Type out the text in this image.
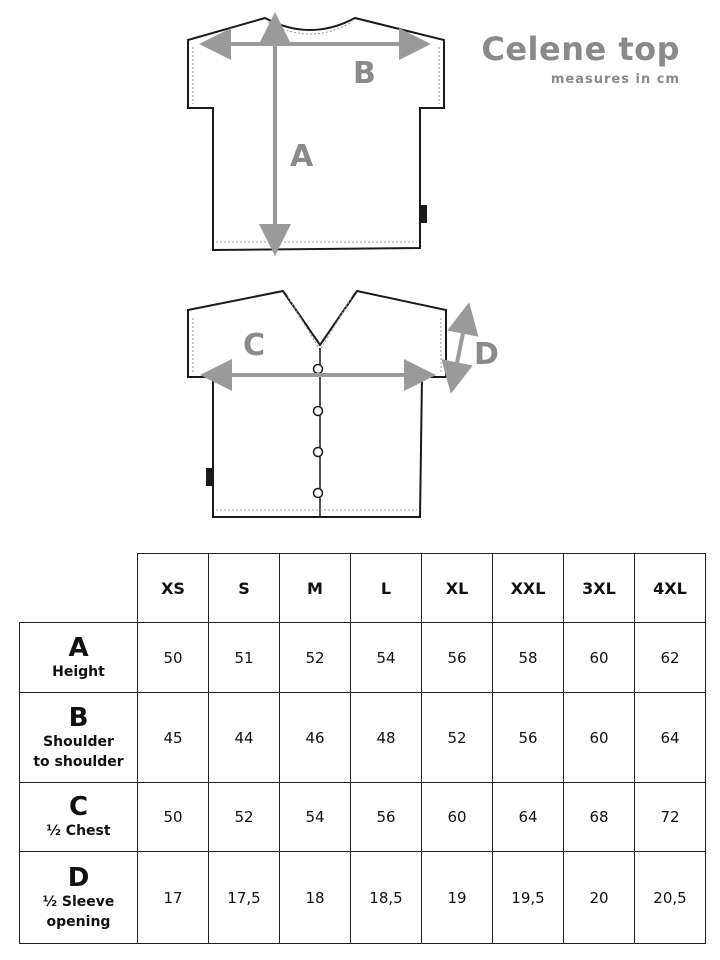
Celene top
measures in cm
B
A
C	D
	XS	S	M	L	XL	XXL	3XL	4XL

A
Height	50	51	52	54	56	58	60	62

B
Shoulder
to shoulder	45	44	46	48	52	56	60	64

C
½ Chest	50	52	54	56	60	64	68	72

D
½ Sleeve
opening	17	17,5	18	18,5	19	19,5	20	20,5
